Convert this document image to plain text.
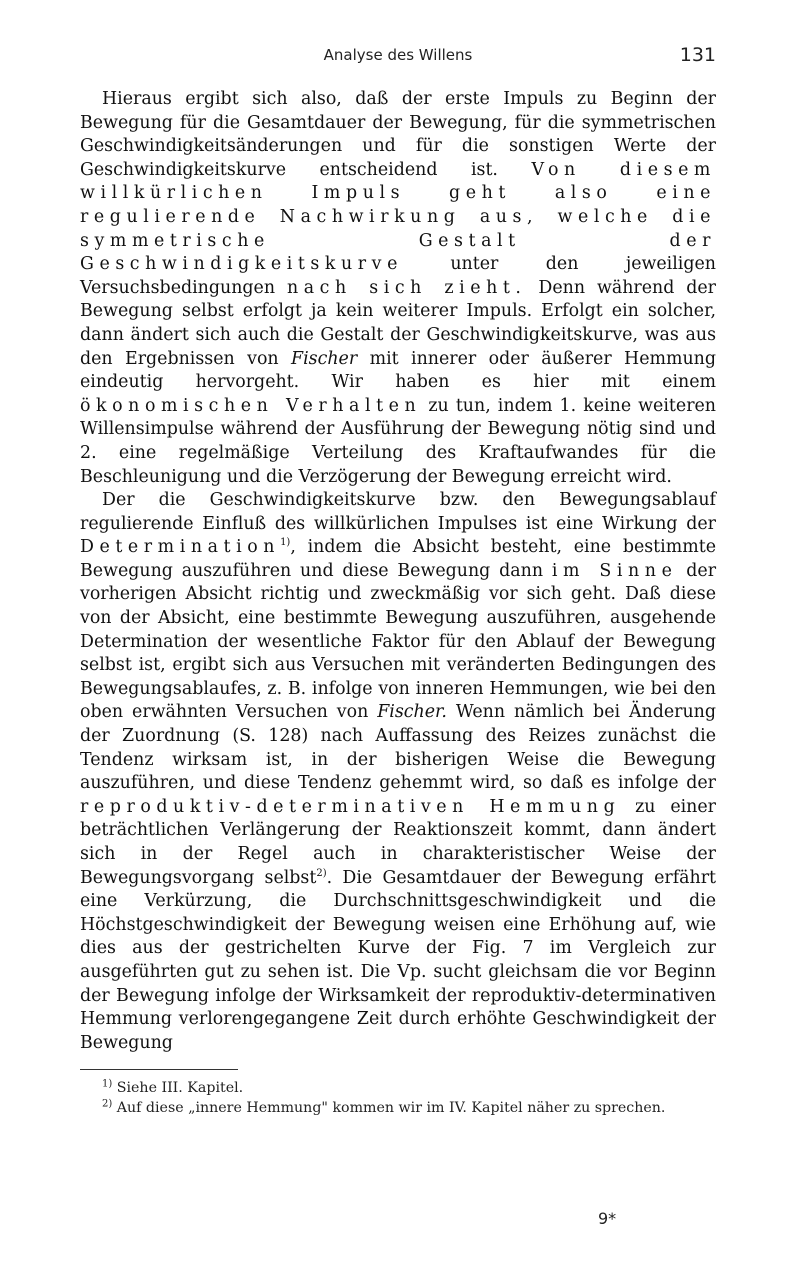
Analyse des Willens	131

Hieraus ergibt sich also, daß der erste Impuls zu Beginn der Bewegung für die Gesamtdauer der Bewegung, für die symmetrischen Geschwindigkeitsänderungen und für die sonstigen Werte der Geschwindigkeitskurve entscheidend ist. Von diesem willkürlichen Impuls geht also eine regulierende Nachwirkung aus, welche die symmetrische Gestalt der Geschwindigkeitskurve	unter den jeweiligen Versuchsbedingungen nach sich zieht. Denn während der Bewegung selbst erfolgt ja kein weiterer Impuls. Erfolgt ein solcher, dann ändert sich auch die Gestalt der Geschwindigkeitskurve, was aus den Ergebnissen von Fischer mit innerer oder äußerer Hemmung eindeutig hervorgeht. Wir haben es hier mit einem ökonomischen Verhalten zu tun, indem 1. keine weiteren Willensimpulse während der Ausführung der Bewegung nötig sind und 2. eine regelmäßige Verteilung des Kraftaufwandes für die Beschleunigung und die Verzögerung der Bewegung erreicht wird.

Der die Geschwindigkeitskurve bzw. den Bewegungsablauf regulierende Einfluß des willkürlichen Impulses ist eine Wirkung der Determination$^{1)}$, indem die Absicht besteht, eine bestimmte Bewegung auszuführen und diese Bewegung dann im Sinne der vorherigen Absicht richtig und zweckmäßig vor sich geht. Daß diese von der Absicht, eine bestimmte Bewegung auszuführen, ausgehende Determination der wesentliche Faktor für den Ablauf der Bewegung selbst ist, ergibt sich aus Versuchen mit veränderten Bedingungen des Bewegungsablaufes, z. B. infolge von inneren Hemmungen, wie bei den oben erwähnten Versuchen von Fischer. Wenn nämlich bei Änderung der Zuordnung (S. 128) nach Auffassung des Reizes zunächst die Tendenz wirksam ist, in der bisherigen Weise die Bewegung auszuführen, und diese Tendenz gehemmt wird, so daß es infolge der reproduktiv-determinativen Hemmung zu einer beträchtlichen Verlängerung der Reaktionszeit kommt, dann ändert sich in der Regel auch in charakteristischer Weise der Bewegungsvorgang selbst$^{2)}$. Die Gesamtdauer der Bewegung erfährt eine Verkürzung, die Durchschnittsgeschwindigkeit und die Höchstgeschwindigkeit der Bewegung weisen eine Erhöhung auf, wie dies aus der gestrichelten Kurve der Fig. 7 im Vergleich zur ausgeführten gut zu sehen ist. Die Vp. sucht gleichsam die vor Beginn der Bewegung infolge der Wirksamkeit der reproduktiv-determinativen Hemmung verlorengegangene Zeit durch erhöhte Geschwindigkeit der Bewegung

$^{1)}$ Siehe III. Kapitel.

$^{2)}$ Auf diese „innere Hemmung" kommen wir im IV. Kapitel näher zu sprechen.

9*
